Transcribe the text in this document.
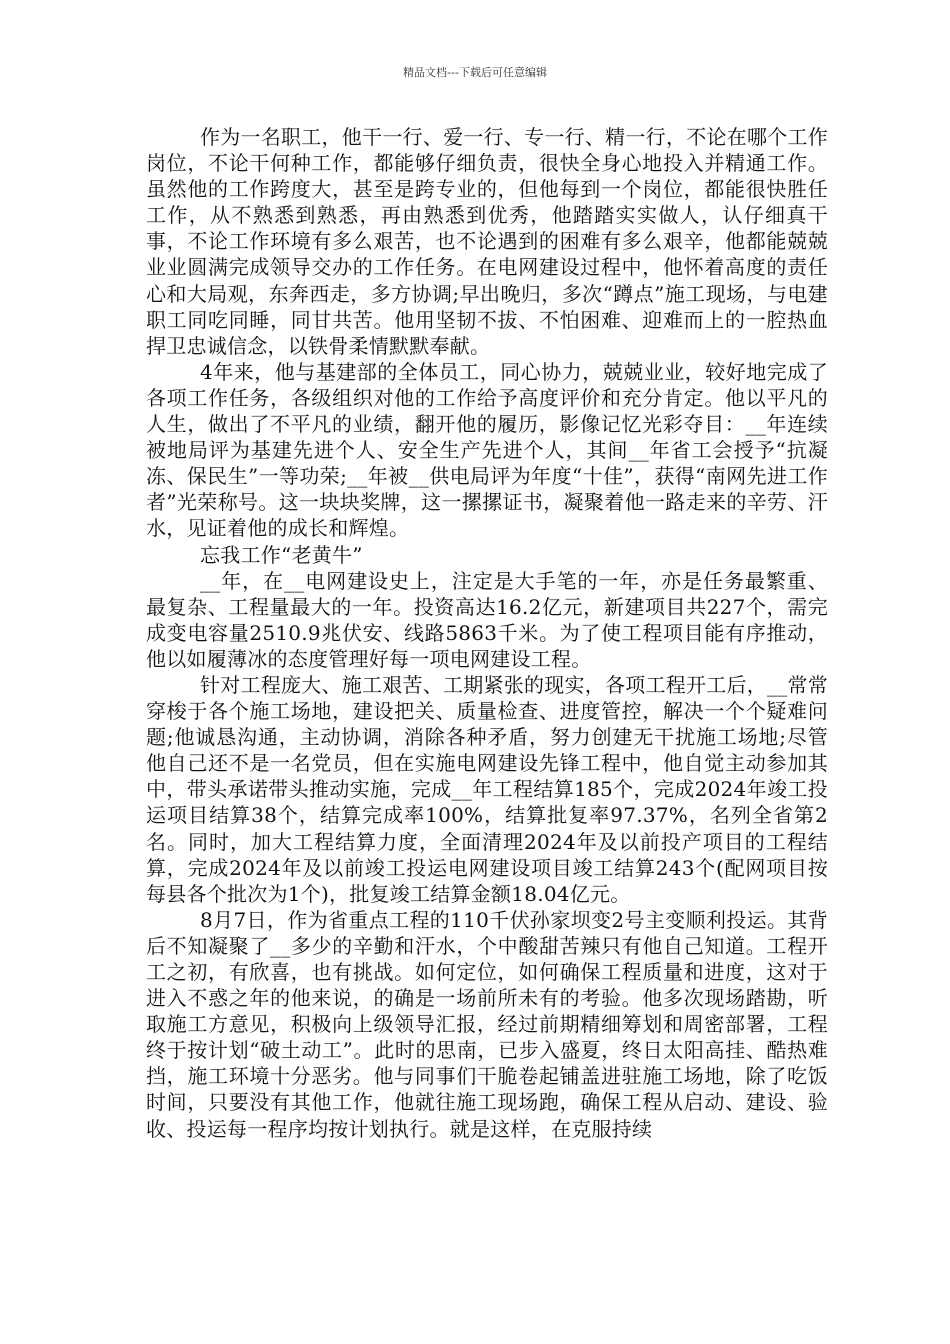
精品文档---下载后可任意编辑

作为一名职工，他干一行、爱一行、专一行、精一行，不论在哪个工作岗位，不论干何种工作，都能够仔细负责，很快全身心地投入并精通工作。虽然他的工作跨度大，甚至是跨专业的，但他每到一个岗位，都能很快胜任工作，从不熟悉到熟悉，再由熟悉到优秀，他踏踏实实做人，认仔细真干事，不论工作环境有多么艰苦，也不论遇到的困难有多么艰辛，他都能兢兢业业圆满完成领导交办的工作任务。在电网建设过程中，他怀着高度的责任心和大局观，东奔西走，多方协调;早出晚归，多次“蹲点”施工现场，与电建职工同吃同睡，同甘共苦。他用坚韧不拔、不怕困难、迎难而上的一腔热血捍卫忠诚信念，以铁骨柔情默默奉献。

4年来，他与基建部的全体员工，同心协力，兢兢业业，较好地完成了各项工作任务，各级组织对他的工作给予高度评价和充分肯定。他以平凡的人生，做出了不平凡的业绩，翻开他的履历，影像记忆光彩夺目：__年连续被地局评为基建先进个人、安全生产先进个人，其间__年省工会授予“抗凝冻、保民生”一等功荣;__年被__供电局评为年度“十佳”，获得“南网先进工作者”光荣称号。这一块块奖牌，这一摞摞证书，凝聚着他一路走来的辛劳、汗水，见证着他的成长和辉煌。

忘我工作“老黄牛”

__年，在__电网建设史上，注定是大手笔的一年，亦是任务最繁重、最复杂、工程量最大的一年。投资高达16.2亿元，新建项目共227个，需完成变电容量2510.9兆伏安、线路5863千米。为了使工程项目能有序推动，他以如履薄冰的态度管理好每一项电网建设工程。

针对工程庞大、施工艰苦、工期紧张的现实，各项工程开工后，__常常穿梭于各个施工场地，建设把关、质量检查、进度管控，解决一个个疑难问题;他诚恳沟通，主动协调，消除各种矛盾，努力创建无干扰施工场地;尽管他自己还不是一名党员，但在实施电网建设先锋工程中，他自觉主动参加其中，带头承诺带头推动实施，完成__年工程结算185个，完成2024年竣工投运项目结算38个，结算完成率100%，结算批复率97.37%，名列全省第2名。同时，加大工程结算力度，全面清理2024年及以前投产项目的工程结算，完成2024年及以前竣工投运电网建设项目竣工结算243个(配网项目按每县各个批次为1个)，批复竣工结算金额18.04亿元。

8月7日，作为省重点工程的110千伏孙家坝变2号主变顺利投运。其背后不知凝聚了__多少的辛勤和汗水，个中酸甜苦辣只有他自己知道。工程开工之初，有欣喜，也有挑战。如何定位，如何确保工程质量和进度，这对于进入不惑之年的他来说，的确是一场前所未有的考验。他多次现场踏勘，听取施工方意见，积极向上级领导汇报，经过前期精细筹划和周密部署，工程终于按计划“破土动工”。此时的思南，已步入盛夏，终日太阳高挂、酷热难挡，施工环境十分恶劣。他与同事们干脆卷起铺盖进驻施工场地，除了吃饭时间，只要没有其他工作，他就往施工现场跑，确保工程从启动、建设、验收、投运每一程序均按计划执行。就是这样，在克服持续
